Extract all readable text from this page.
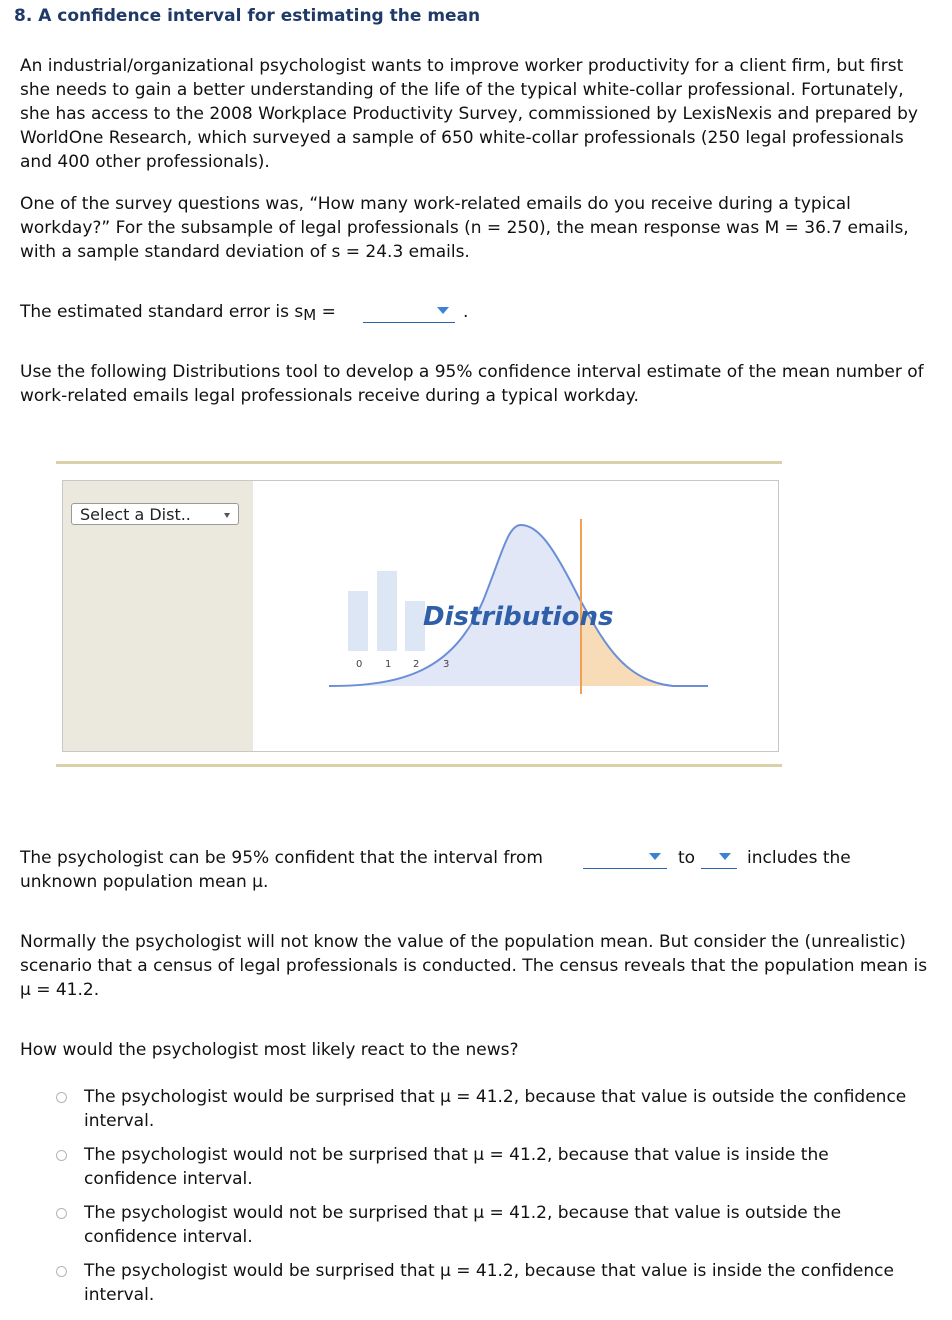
8. A confidence interval for estimating the mean
An industrial/organizational psychologist wants to improve worker productivity for a client firm, but first she needs to gain a better understanding of the life of the typical white-collar professional. Fortunately, she has access to the 2008 Workplace Productivity Survey, commissioned by LexisNexis and prepared by WorldOne Research, which surveyed a sample of 650 white-collar professionals (250 legal professionals and 400 other professionals).
One of the survey questions was, “How many work-related emails do you receive during a typical workday?” For the subsample of legal professionals (n = 250), the mean response was M = 36.7 emails, with a sample standard deviation of s = 24.3 emails.
The estimated standard error is sM =	.
Use the following Distributions tool to develop a 95% confidence interval estimate of the mean number of work-related emails legal professionals receive during a typical workday.
Select a Dist..
0 1 2 3
Distributions
The psychologist can be 95% confident that the interval from	to	includes the
unknown population mean μ.
Normally the psychologist will not know the value of the population mean. But consider the (unrealistic) scenario that a census of legal professionals is conducted. The census reveals that the population mean is μ = 41.2.
How would the psychologist most likely react to the news?
The psychologist would be surprised that μ = 41.2, because that value is outside the confidence interval.
The psychologist would not be surprised that μ = 41.2, because that value is inside the confidence interval.
The psychologist would not be surprised that μ = 41.2, because that value is outside the confidence interval.
The psychologist would be surprised that μ = 41.2, because that value is inside the confidence interval.
